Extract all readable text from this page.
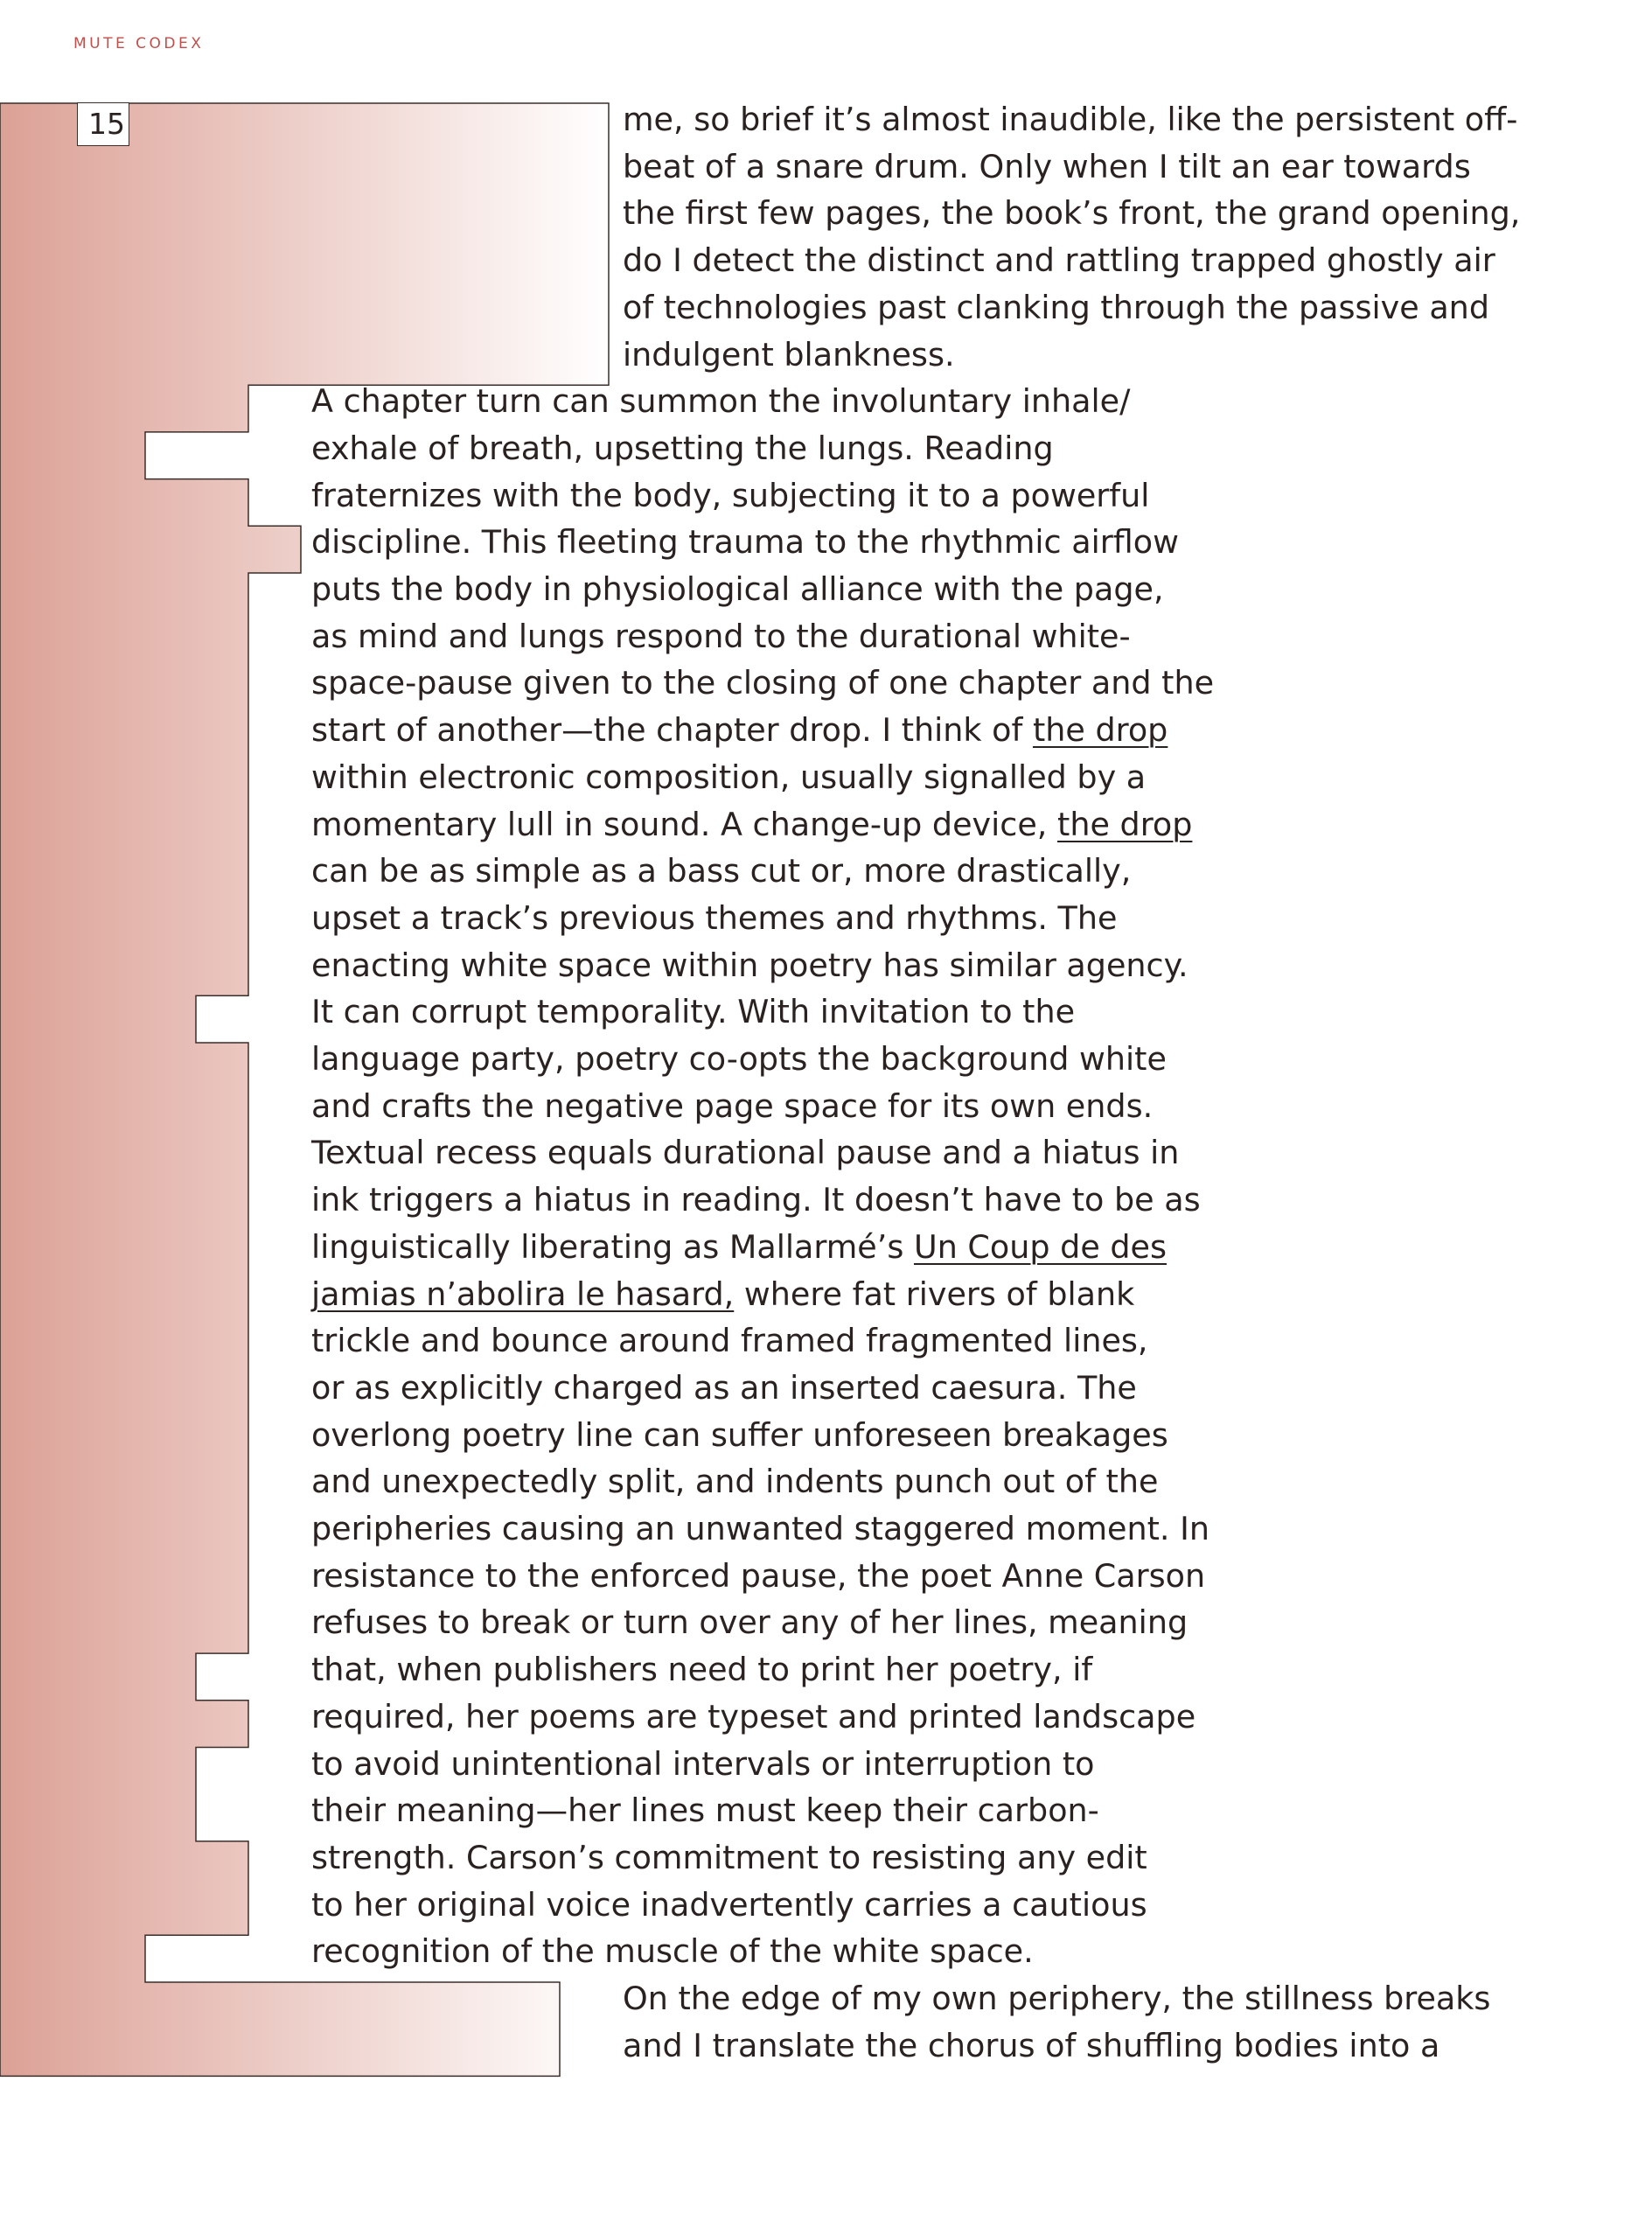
MUTE CODEX
15	me, so brief it’s almost inaudible, like the persistent off-
beat of a snare drum. Only when I tilt an ear towards
the first few pages, the book’s front, the grand opening,
do I detect the distinct and rattling trapped ghostly air
of technologies past clanking through the passive and
indulgent blankness.
A chapter turn can summon the involuntary inhale/
exhale of breath, upsetting the lungs. Reading
fraternizes with the body, subjecting it to a powerful
discipline. This fleeting trauma to the rhythmic airflow
puts the body in physiological alliance with the page,
as mind and lungs respond to the durational white-
space-pause given to the closing of one chapter and the
start of another—the chapter drop. I think of the drop
within electronic composition, usually signalled by a
momentary lull in sound. A change-up device, the drop
can be as simple as a bass cut or, more drastically,
upset a track’s previous themes and rhythms. The
enacting white space within poetry has similar agency.
It can corrupt temporality. With invitation to the
language party, poetry co-opts the background white
and crafts the negative page space for its own ends.
Textual recess equals durational pause and a hiatus in
ink triggers a hiatus in reading. It doesn’t have to be as
linguistically liberating as Mallarmé’s Un Coup de des
jamias n’abolira le hasard, where fat rivers of blank
trickle and bounce around framed fragmented lines,
or as explicitly charged as an inserted caesura. The
overlong poetry line can suffer unforeseen breakages
and unexpectedly split, and indents punch out of the
peripheries causing an unwanted staggered moment. In
resistance to the enforced pause, the poet Anne Carson
refuses to break or turn over any of her lines, meaning
that, when publishers need to print her poetry, if
required, her poems are typeset and printed landscape
to avoid unintentional intervals or interruption to
their meaning—her lines must keep their carbon-
strength. Carson’s commitment to resisting any edit
to her original voice inadvertently carries a cautious
recognition of the muscle of the white space.
On the edge of my own periphery, the stillness breaks
and I translate the chorus of shuffling bodies into a
